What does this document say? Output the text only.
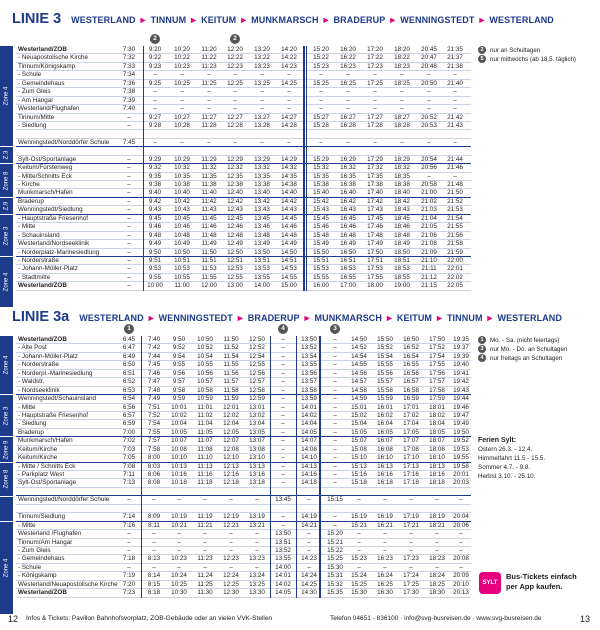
LINIE 3 WESTERLAND ► TINNUM ► KEITUM ► MUNKMARSCH ► BRADERUP ► WENNINGSTEDT ► WESTERLAND
2	2
Zone 4
Z.3
Zone 8
Z.9
Zone 3
Zone 4
Westerland/ZOB	7:30	9:20	10:20	11:20	12:20	13:20	14:20	15:20	16:20	17:20	18:20	20:45	21:35
- Neuapostolische Kirche	7:32	9:22	10:22	11:22	12:22	13:22	14:22	15:22	16:22	17:22	18:22	20:47	21:37
Tinnum/Königskamp	7:33	9:23	10:23	11:23	12:23	13:23	14:23	15:23	16:23	17:23	18:23	20:48	21:38
- Schule	7:34	–	–	–	–	–	–	–	–	–	–	–	–
- Gemeindehaus	7:36	9:25	10:25	11:25	12:25	13:25	14:25	15:25	16:25	17:25	18:25	20:50	21:40
- Zum Gleis	7:38	–	–	–	–	–	–	–	–	–	–	–	–
- Am Hangar	7:39	–	–	–	–	–	–	–	–	–	–	–	–
Westerland/Flughafen	7:40	–	–	–	–	–	–	–	–	–	–	–	–
Tinnum/Mitte	–	9:27	10:27	11:27	12:27	13:27	14:27	15:27	16:27	17:27	18:27	20:52	21:42
- Siedlung	–	9:28	10:28	11:28	12:28	13:28	14:28	15:28	16:28	17:28	18:28	20:53	21:43
Wenningstedt/Norddörfer Schule	7:45	–	–	–	–	–	–	–	–	–	–	–	–
Sylt-Ost/Sportanlage	–	9:29	10:29	11:29	12:29	13:29	14:29	15:29	16:29	17:29	18:29	20:54	21:44
Keitum/Fürstenweg	–	9:32	10:32	11:32	12:32	13:32	14:32	15:32	16:32	17:32	18:32	20:56	21:46
- Mitte/Schnitts Eck	–	9:35	10:35	11:35	12:35	13:35	14:35	15:35	16:35	17:35	18:35	–	–
- Kirche	–	9:38	10:38	11:38	12:38	13:38	14:38	15:38	16:38	17:38	18:38	20:58	21:48
Munkmarsch/Hafen	–	9:40	10:40	11:40	12:40	13:40	14:40	15:40	16:40	17:40	18:40	21:00	21:50
Braderup	–	9:42	10:42	11:42	12:42	13:42	14:42	15:42	16:42	17:42	18:42	21:02	21:52
Wenningstedt/Siedlung	–	9:43	10:43	11:43	12:43	13:43	14:43	15:43	16:43	17:43	18:43	21:03	21:53
- Hauptstraße Friesenhof	–	9:45	10:45	11:45	12:45	13:45	14:45	15:45	16:45	17:45	18:45	21:04	21:54
- Mitte	–	9:46	10:46	11:46	12:46	13:46	14:46	15:46	16:46	17:46	18:46	21:05	21:55
- Schauinsland	–	9:48	10:48	11:48	12:48	13:48	14:48	15:48	16:48	17:48	18:48	21:06	21:56
Westerland/Nordseeklinik	–	9:49	10:49	11:49	12:49	13:49	14:49	15:49	16:49	17:49	18:49	21:08	21:58
- Norderplatz-Marinesiedlung	–	9:50	10:50	11:50	12:50	13:50	14:50	15:50	16:50	17:50	18:50	21:09	21:59
- Norderstraße	–	9:51	10:51	11:51	12:51	13:51	14:51	15:51	16:51	17:51	18:51	21:10	22:00
- Johann-Möller-Platz	–	9:53	10:53	11:53	12:53	13:53	14:53	15:53	16:53	17:53	18:53	21:11	22:01
- Stadtmitte	–	9:55	10:55	11:55	12:55	13:55	14:55	15:55	16:55	17:55	18:55	21:12	22:02
Westerland/ZOB	–	10:00	11:00	12:00	13:00	14:00	15:00	16:00	17:00	18:00	19:00	21:15	22:05
2	nur an Schultagen
5	nur mittwochs (ab 18.5. täglich)
LINIE 3a WESTERLAND ► WENNINGSTEDT ► BRADERUP ► MUNKMARSCH ► KEITUM ► TINNUM ► WESTERLAND
1	4	3
Zone 4
Zone 3
Zone 9
Zone 8
Zone 4
Westerland/ZOB	6:45	7:40	9:50	10:50	11:50	12:50	–	13:50	–	14:50	15:50	16:50	17:50	19:35
- Alte Post	6:47	7:42	9:52	10:52	11:52	12:52	–	13:52	–	14:52	15:52	16:52	17:52	19:37
- Johann-Möller-Platz	6:49	7:44	9:54	10:54	11:54	12:54	–	13:54	–	14:54	15:54	16:54	17:54	19:39
- Norderstraße	6:50	7:45	9:55	10:55	11:55	12:55	–	13:55	–	14:55	15:55	16:55	17:55	19:40
- Norderpl.-Marinesiedlung	6:51	7:46	9:56	10:56	11:56	12:56	–	13:56	–	14:56	15:56	16:56	17:56	19:41
- Waldstr.	6:52	7:47	9:57	10:57	11:57	12:57	–	13:57	–	14:57	15:57	16:57	17:57	19:42
- Nordseeklinik	6:53	7:48	9:58	10:58	11:58	12:58	–	13:58	–	14:58	15:58	16:58	17:58	19:43
Wenningstedt/Schauinsland	6:54	7:49	9:59	10:59	11:59	12:59	–	13:59	–	14:59	15:59	16:59	17:59	19:44
- Mitte	6:56	7:51	10:01	11:01	12:01	13:01	–	14:01	–	15:01	16:01	17:01	18:01	19:46
- Hauptstraße Friesenhof	6:57	7:52	10:02	11:02	12:02	13:02	–	14:02	–	15:02	16:02	17:02	18:02	19:47
- Siedlung	6:59	7:54	10:04	11:04	12:04	13:04	–	14:04	–	15:04	16:04	17:04	18:04	19:49
Braderup	7:00	7:55	10:05	11:05	12:05	13:05	–	14:05	–	15:05	16:05	17:05	18:05	19:50
Munkmarsch/Hafen	7:02	7:57	10:07	11:07	12:07	13:07	–	14:07	–	15:07	16:07	17:07	18:07	19:52
Keitum/Kirche	7:03	7:58	10:08	11:08	12:08	13:08	–	14:08	–	15:08	16:08	17:08	18:08	19:53
Keitum/Kirche	7:05	8:00	10:10	11:10	12:10	13:10	–	14:10	–	15:10	16:10	17:10	18:10	19:55
- Mitte / Schnitts Eck	7:08	8:03	10:13	11:13	12:13	13:13	–	14:13	–	15:13	16:13	17:13	18:13	19:58
- Parkplatz West	7:11	8:06	10:16	11:16	12:16	13:16	–	14:16	–	15:16	16:16	17:16	18:16	20:01
Sylt-Ost/Sportanlage	7:13	8:08	10:18	11:18	12:18	13:18	–	14:18	–	15:18	16:18	17:18	18:18	20:03
Wenningstedt/Norddörfer Schule	–	–	–	–	–	–	13:45	–	15:15	–	–	–	–	–
Tinnum/Siedlung	7:14	8:09	10:19	11:19	12:19	13:19	–	14:19	–	15:19	16:19	17:19	18:19	20:04
- Mitte	7:16	8:11	10:21	11:21	12:21	13:21	–	14:21	–	15:21	16:21	17:21	18:21	20:06
Westerland /Flughafen	–	–	–	–	–	–	13:50	–	15:20	–	–	–	–	–
Tinnum/Am Hangar	–	–	–	–	–	–	13:51	–	15:21	–	–	–	–	–
- Zum Gleis	–	–	–	–	–	–	13:52	–	15:22	–	–	–	–	–
- Gemeindehaus	7:18	8:13	10:23	11:23	12:23	13:23	13:55	14:23	15:25	15:23	16:23	17:23	18:23	20:08
- Schule	–	–	–	–	–	–	14:00	–	15:30	–	–	–	–	–
- Königskamp	7:19	8:14	10:24	11:24	12:24	13:24	14:01	14:24	15:31	15:24	16:24	17:24	18:24	20:09
Westerland/Neuapostolische Kirche 7:20	8:15	10:25	11:25	12:25	13:25	14:02	14:25	15:32	15:25	16:25	17:25	18:25	20:10
Westerland/ZOB	7:23	8:18	10:30	11:30	12:30	13:30	14:05	14:30	15:35	15:30	16:30	17:30	18:30	20:13
1	Mo. - Sa. (nicht feiertags)
3	nur Mo. - Do. an Schultagen
4	nur freitags an Schultagen
Ferien Sylt:
Ostern 26.3. - 12.4.
Himmelfahrt 11.5 - 15.5.
Sommer 4.7. - 9.8.
Herbst 3.10. - 25.10.
SYLT
Bus-Tickets einfach
per App kaufen.
12 Infos & Tickets: Pavillon Bahnhofsvorplatz, ZOB-Gebäude oder an vielen VVK-Stellen	Telefon 04651 - 836100 · info@svg-busreisen.de · www.svg-busreisen.de	13
